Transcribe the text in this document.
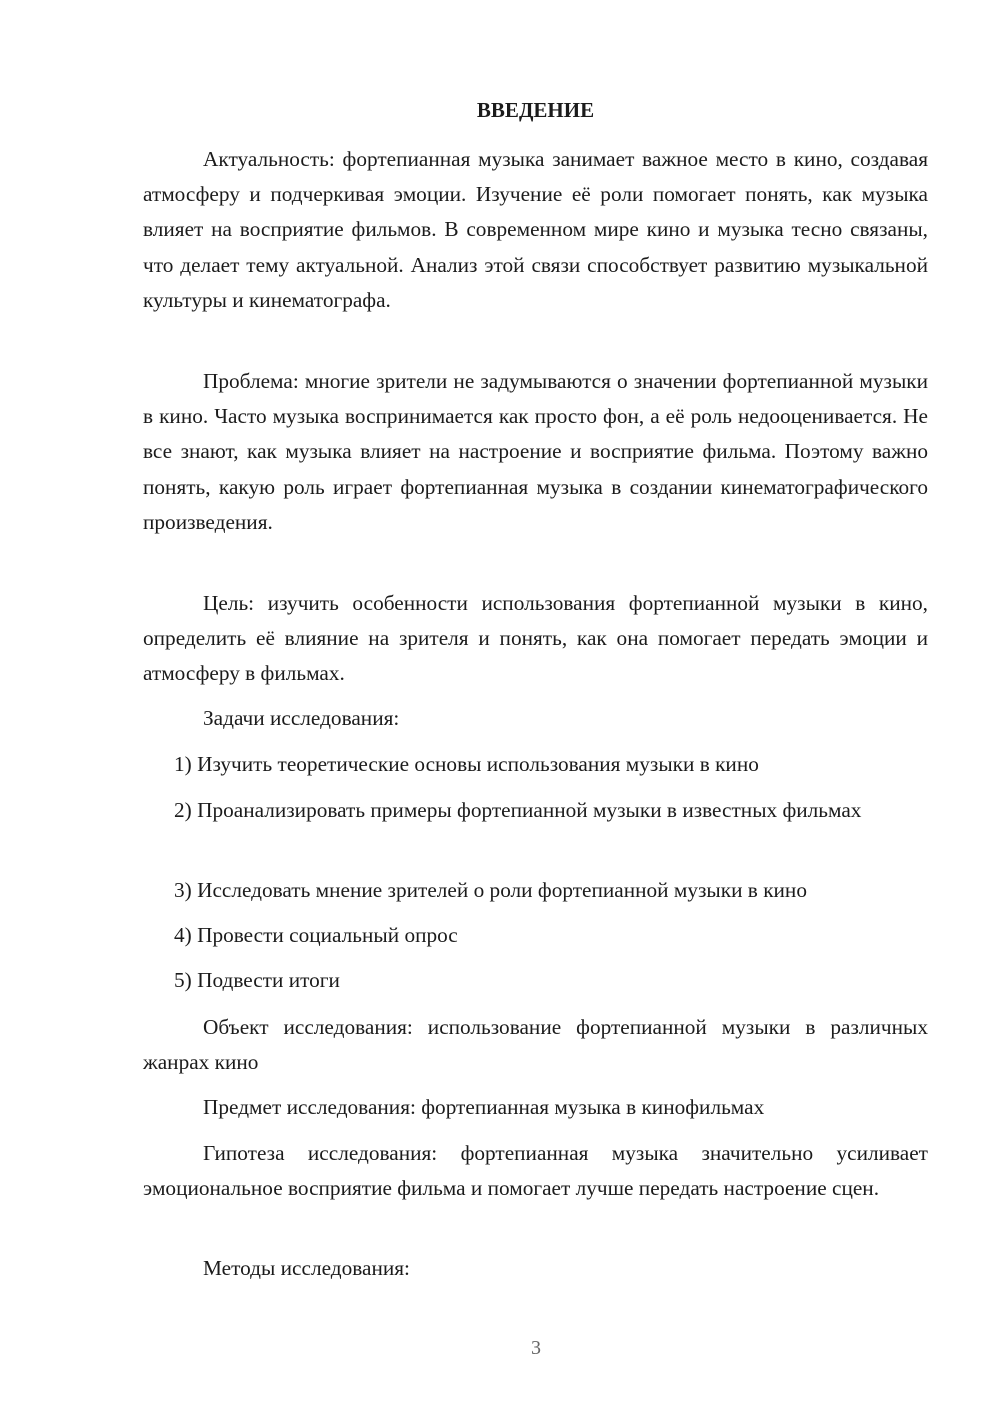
ВВЕДЕНИЕ

Актуальность: фортепианная музыка занимает важное место в кино, создавая атмосферу и подчеркивая эмоции. Изучение её роли помогает понять, как музыка влияет на восприятие фильмов. В современном мире кино и музыка тесно связаны, что делает тему актуальной. Анализ этой связи способствует развитию музыкальной культуры и кинематографа.

Проблема: многие зрители не задумываются о значении фортепианной музыки в кино. Часто музыка воспринимается как просто фон, а её роль недооценивается. Не все знают, как музыка влияет на настроение и восприятие фильма. Поэтому важно понять, какую роль играет фортепианная музыка в создании кинематографического произведения.

Цель: изучить особенности использования фортепианной музыки в кино, определить её влияние на зрителя и понять, как она помогает передать эмоции и атмосферу в фильмах.

Задачи исследования:

1) Изучить теоретические основы использования музыки в кино

2) Проанализировать примеры фортепианной музыки в известных фильмах

3) Исследовать мнение зрителей о роли фортепианной музыки в кино

4) Провести социальный опрос

5) Подвести итоги

Объект исследования: использование фортепианной музыки в различных жанрах кино

Предмет исследования: фортепианная музыка в кинофильмах

Гипотеза исследования: фортепианная музыка значительно усиливает эмоциональное восприятие фильма и помогает лучше передать настроение сцен.

Методы исследования:

3
